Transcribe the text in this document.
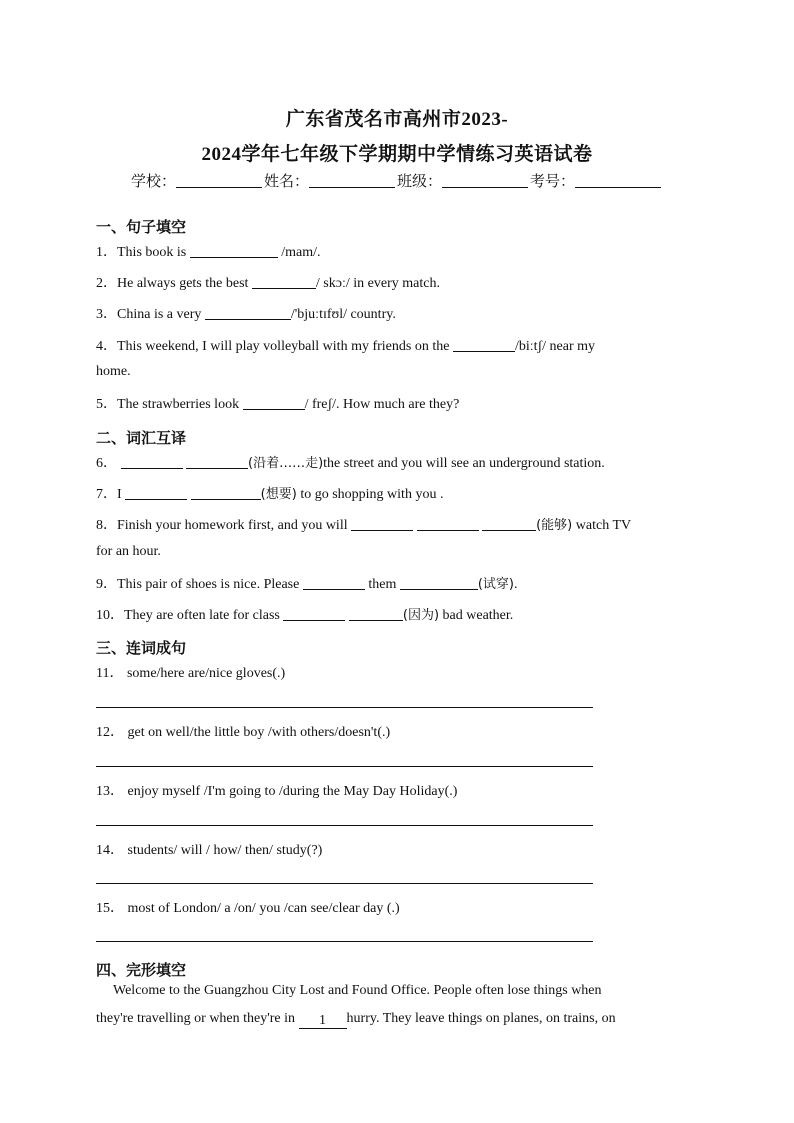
广东省茂名市高州市2023-
2024学年七年级下学期期中学情练习英语试卷
学校：	姓名：	班级：	考号：
一、句子填空
1．This book is	/mam/.
2．He always gets the best	/ skɔː/ in every match.
3．China is a very	/'bjuːtɪfʊl/ country.
4．This weekend, I will play volleyball with my friends on the	/biːtʃ/ near my
home.
5．The strawberries look	/ freʃ/. How much are they?
二、词汇互译
6．	(沿着……走)the street and you will see an underground station.
7．I	(想要) to go shopping with you .
8．Finish your homework first, and you will	(能够) watch TV
for an hour.
9．This pair of shoes is nice. Please	them	(试穿).
10．They are often late for class	(因为) bad weather.
三、连词成句
11． some/here are/nice gloves(.)
12． get on well/the little boy /with others/doesn't(.)
13． enjoy myself /I'm going to /during the May Day Holiday(.)
14． students/ will / how/ then/ study(?)
15． most of London/ a /on/ you /can see/clear day (.)
四、完形填空
Welcome to the Guangzhou City Lost and Found Office. People often lose things when
they're travelling or when they're in 1 hurry. They leave things on planes, on trains, on
